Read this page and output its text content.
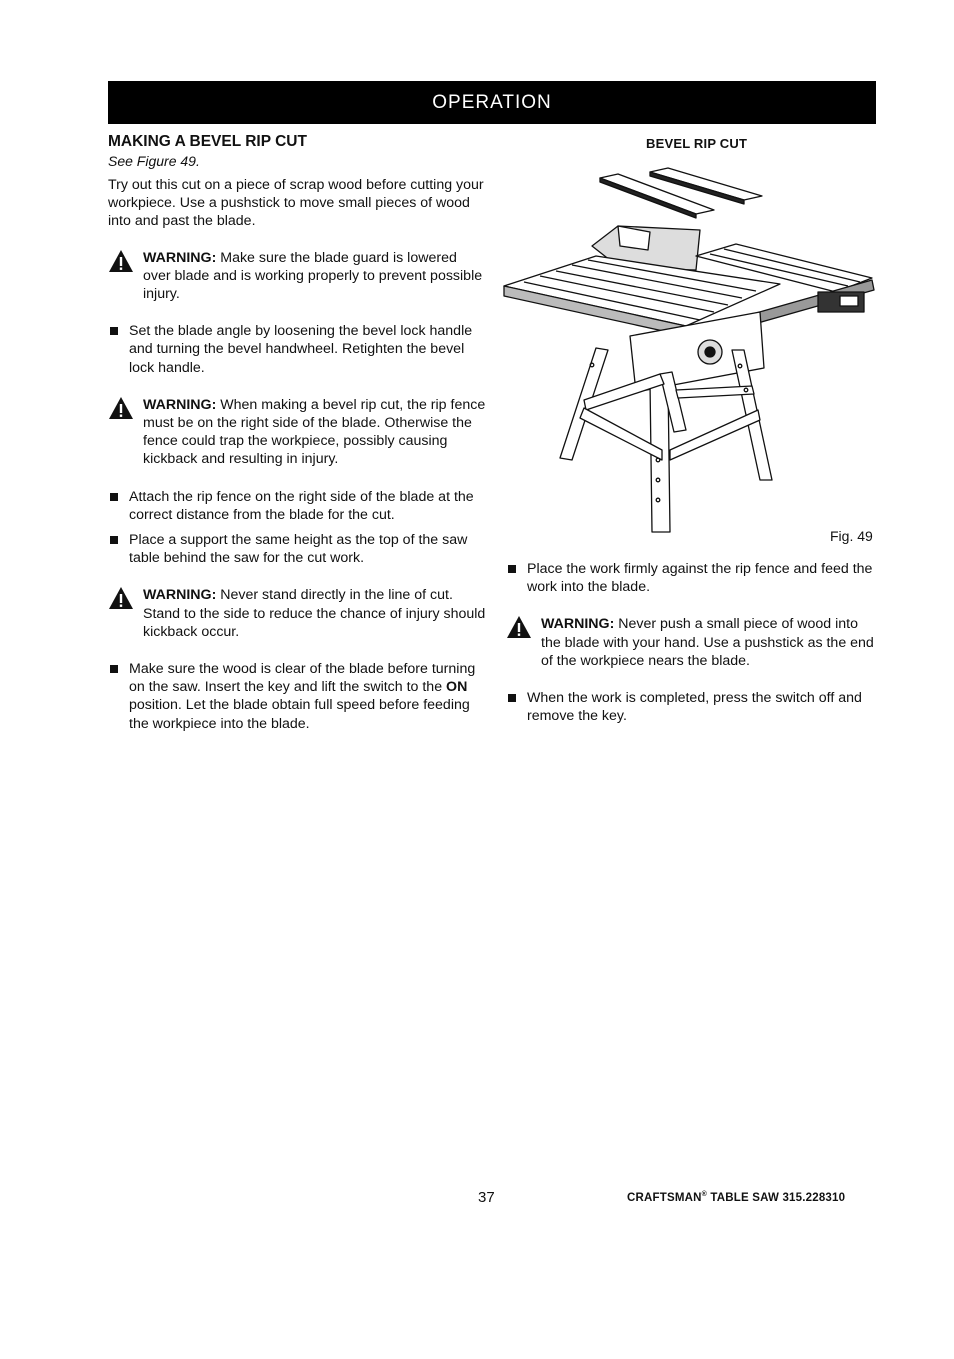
OPERATION
MAKING A BEVEL RIP CUT
See Figure 49.

Try out this cut on a piece of scrap wood before cutting your workpiece. Use a pushstick to move small pieces of wood into and past the blade.

WARNING: Make sure the blade guard is lowered over blade and is working properly to prevent possible injury.

Set the blade angle by loosening the bevel lock handle and turning the bevel handwheel. Retighten the bevel lock handle.

WARNING: When making a bevel rip cut, the rip fence must be on the right side of the blade. Otherwise the fence could trap the workpiece, possibly causing kickback and resulting in injury.

Attach the rip fence on the right side of the blade at the correct distance from the blade for the cut.

Place a support the same height as the top of the saw table behind the saw for the cut work.

WARNING: Never stand directly in the line of cut. Stand to the side to reduce the chance of injury should kickback occur.

Make sure the wood is clear of the blade before turning on the saw. Insert the key and lift the switch to the ON position. Let the blade obtain full speed before feeding the workpiece into the blade.

BEVEL RIP CUT
Fig. 49

Place the work firmly against the rip fence and feed the work into the blade.

WARNING: Never push a small piece of wood into the blade with your hand. Use a pushstick as the end of the workpiece nears the blade.

When the work is completed, press the switch off and remove the key.

37	CRAFTSMAN® TABLE SAW 315.228310
